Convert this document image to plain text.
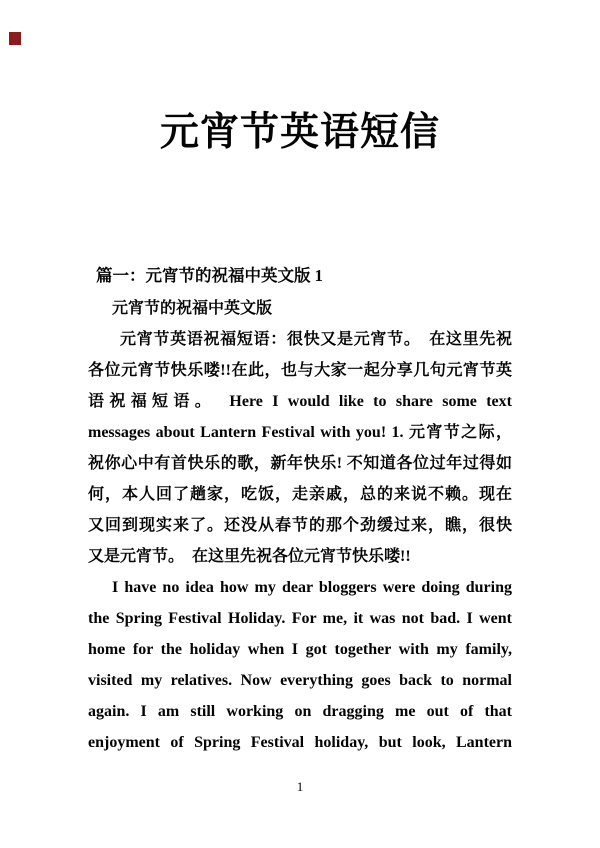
元宵节英语短信
篇一：元宵节的祝福中英文版 1
元宵节的祝福中英文版
元宵节英语祝福短语：很快又是元宵节。　在这里先祝
各位元宵节快乐喽!!在此，也与大家一起分享几句元宵节英
语祝福短语。　Here I would like to share some text
messages about Lantern Festival with you! 1. 元宵节之际，
祝你心中有首快乐的歌，新年快乐! 不知道各位过年过得如
何，本人回了趟家，吃饭，走亲戚，总的来说不赖。现在
又回到现实来了。还没从春节的那个劲缓过来，瞧，很快
又是元宵节。　在这里先祝各位元宵节快乐喽!!
I have no idea how my dear bloggers were doing during
the Spring Festival Holiday. For me, it was not bad. I went
home for the holiday when I got together with my family,
visited my relatives. Now everything goes back to normal
again. I am still working on dragging me out of that
enjoyment of Spring Festival holiday, but look, Lantern
1
